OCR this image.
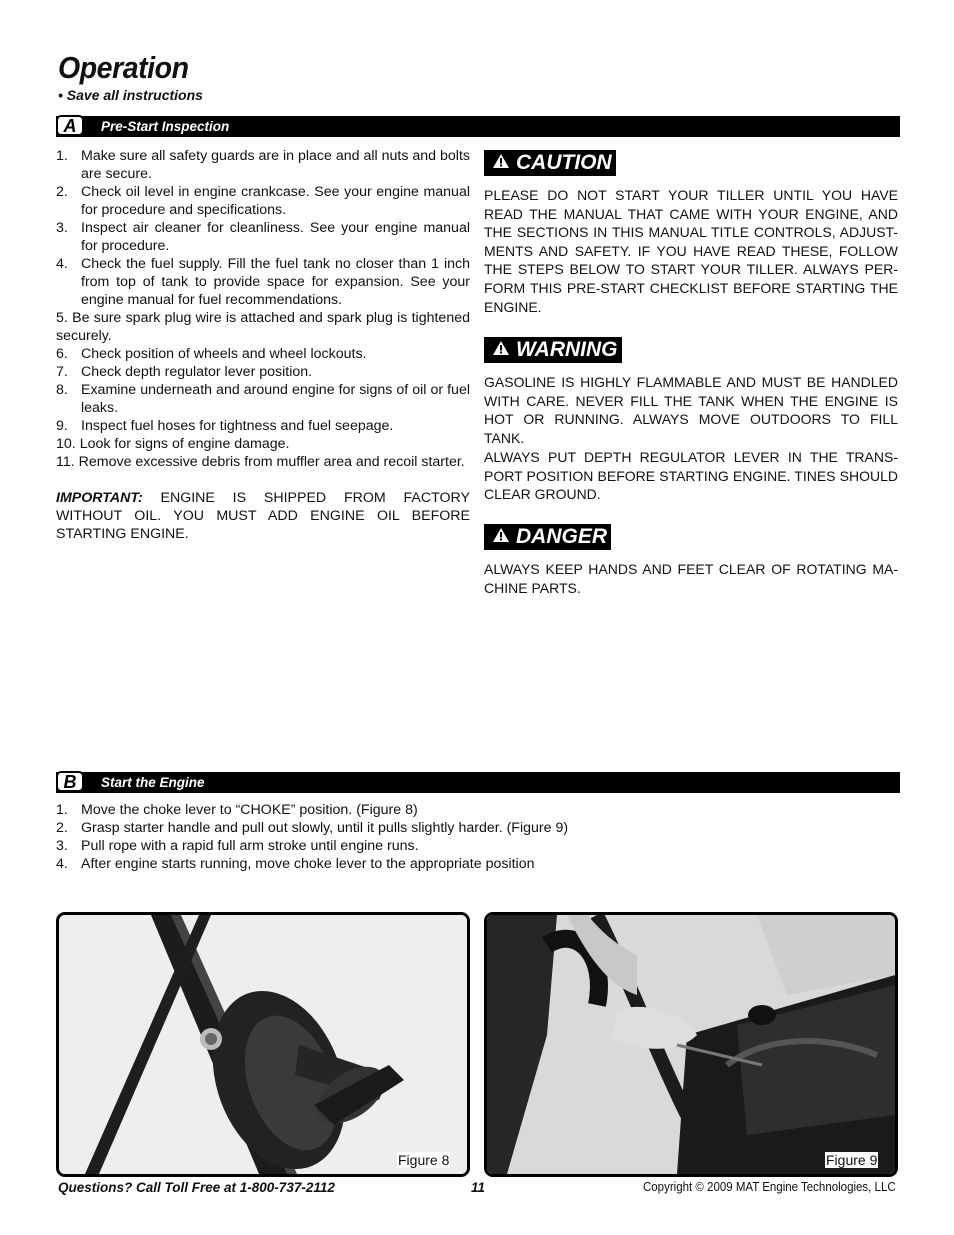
Operation
• Save all instructions
A	Pre-Start Inspection
1. Make sure all safety guards are in place and all nuts and bolts are secure.
2. Check oil level in engine crankcase. See your engine manual for procedure and specifications.
3. Inspect air cleaner for cleanliness. See your engine manual for procedure.
4. Check the fuel supply. Fill the fuel tank no closer than 1 inch from top of tank to provide space for expansion. See your engine manual for fuel recommendations.
5. Be sure spark plug wire is attached and spark plug is tightened securely.
6. Check position of wheels and wheel lockouts.
7. Check depth regulator lever position.
8. Examine underneath and around engine for signs of oil or fuel leaks.
9. Inspect fuel hoses for tightness and fuel seepage.
10. Look for signs of engine damage.
11. Remove excessive debris from muffler area and recoil starter.
IMPORTANT: ENGINE IS SHIPPED FROM FACTORY WITHOUT OIL. YOU MUST ADD ENGINE OIL BEFORE STARTING ENGINE.
CAUTION
PLEASE DO NOT START YOUR TILLER UNTIL YOU HAVE READ THE MANUAL THAT CAME WITH YOUR ENGINE, AND THE SECTIONS IN THIS MANUAL TITLE CONTROLS, ADJUST-MENTS AND SAFETY. IF YOU HAVE READ THESE, FOLLOW THE STEPS BELOW TO START YOUR TILLER. ALWAYS PER-FORM THIS PRE-START CHECKLIST BEFORE STARTING THE ENGINE.
WARNING
GASOLINE IS HIGHLY FLAMMABLE AND MUST BE HANDLED WITH CARE. NEVER FILL THE TANK WHEN THE ENGINE IS HOT OR RUNNING. ALWAYS MOVE OUTDOORS TO FILL TANK.
ALWAYS PUT DEPTH REGULATOR LEVER IN THE TRANS-PORT POSITION BEFORE STARTING ENGINE. TINES SHOULD CLEAR GROUND.
DANGER
ALWAYS KEEP HANDS AND FEET CLEAR OF ROTATING MA-CHINE PARTS.
B	Start the Engine
1. Move the choke lever to “CHOKE” position. (Figure 8)
2. Grasp starter handle and pull out slowly, until it pulls slightly harder. (Figure 9)
3. Pull rope with a rapid full arm stroke until engine runs.
4. After engine starts running, move choke lever to the appropriate position
Figure 8	Figure 9
Questions? Call Toll Free at 1-800-737-2112	11	Copyright © 2009 MAT Engine Technologies, LLC
